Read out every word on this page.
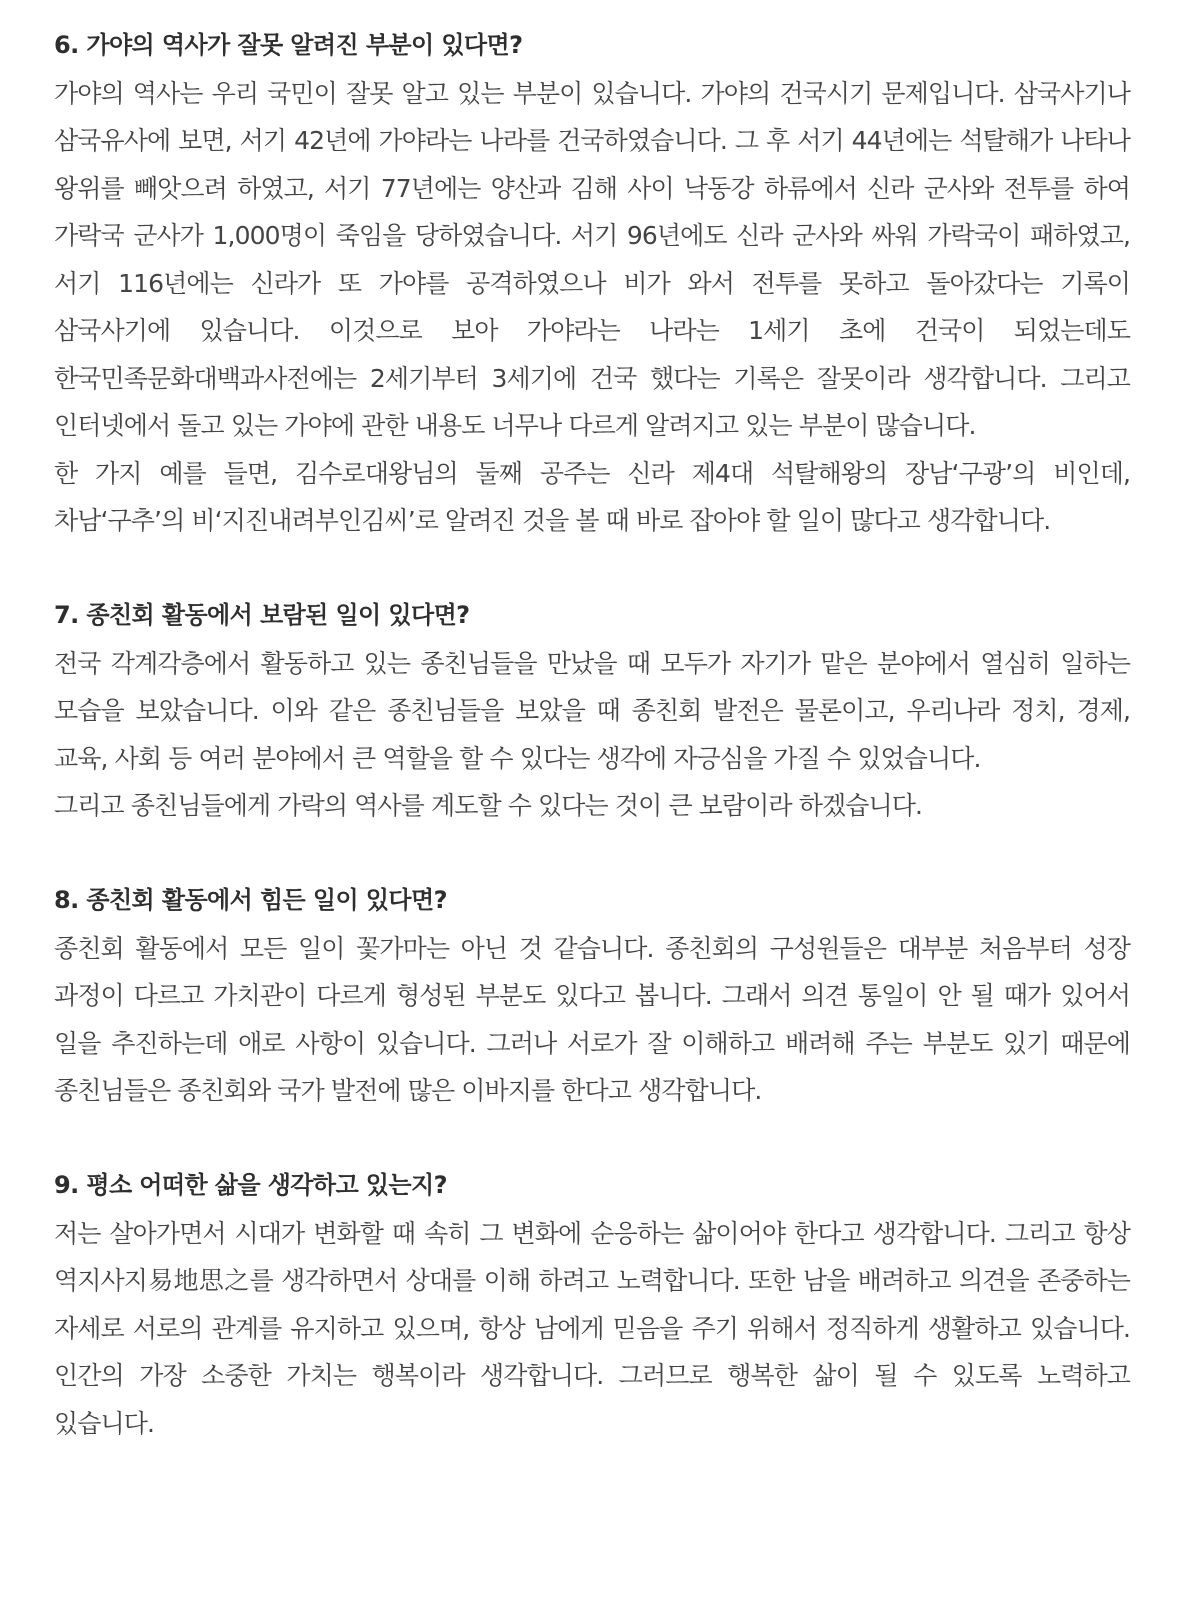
6. 가야의 역사가 잘못 알려진 부분이 있다면?

가야의 역사는 우리 국민이 잘못 알고 있는 부분이 있습니다. 가야의 건국시기 문제입니다. 삼국사기나 삼국유사에 보면, 서기 42년에 가야라는 나라를 건국하였습니다. 그 후 서기 44년에는 석탈해가 나타나 왕위를 빼앗으려 하였고, 서기 77년에는 양산과 김해 사이 낙동강 하류에서 신라 군사와 전투를 하여 가락국 군사가 1,000명이 죽임을 당하였습니다. 서기 96년에도 신라 군사와 싸워 가락국이 패하였고, 서기 116년에는 신라가 또 가야를 공격하였으나 비가 와서 전투를 못하고 돌아갔다는 기록이 삼국사기에 있습니다. 이것으로 보아 가야라는 나라는 1세기 초에 건국이 되었는데도 한국민족문화대백과사전에는 2세기부터 3세기에 건국 했다는 기록은 잘못이라 생각합니다. 그리고 인터넷에서 돌고 있는 가야에 관한 내용도 너무나 다르게 알려지고 있는 부분이 많습니다.

한 가지 예를 들면, 김수로대왕님의 둘째 공주는 신라 제4대 석탈해왕의 장남‘구광’의 비인데, 차남‘구추’의 비‘지진내려부인김씨’로 알려진 것을 볼 때 바로 잡아야 할 일이 많다고 생각합니다.

7. 종친회 활동에서 보람된 일이 있다면?

전국 각계각층에서 활동하고 있는 종친님들을 만났을 때 모두가 자기가 맡은 분야에서 열심히 일하는 모습을 보았습니다. 이와 같은 종친님들을 보았을 때 종친회 발전은 물론이고, 우리나라 정치, 경제, 교육, 사회 등 여러 분야에서 큰 역할을 할 수 있다는 생각에 자긍심을 가질 수 있었습니다.

그리고 종친님들에게 가락의 역사를 계도할 수 있다는 것이 큰 보람이라 하겠습니다.

8. 종친회 활동에서 힘든 일이 있다면?

종친회 활동에서 모든 일이 꽃가마는 아닌 것 같습니다. 종친회의 구성원들은 대부분 처음부터 성장 과정이 다르고 가치관이 다르게 형성된 부분도 있다고 봅니다. 그래서 의견 통일이 안 될 때가 있어서 일을 추진하는데 애로 사항이 있습니다. 그러나 서로가 잘 이해하고 배려해 주는 부분도 있기 때문에 종친님들은 종친회와 국가 발전에 많은 이바지를 한다고 생각합니다.

9. 평소 어떠한 삶을 생각하고 있는지?

저는 살아가면서 시대가 변화할 때 속히 그 변화에 순응하는 삶이어야 한다고 생각합니다. 그리고 항상 역지사지易地思之를 생각하면서 상대를 이해 하려고 노력합니다. 또한 남을 배려하고 의견을 존중하는 자세로 서로의 관계를 유지하고 있으며, 항상 남에게 믿음을 주기 위해서 정직하게 생활하고 있습니다. 인간의 가장 소중한 가치는 행복이라 생각합니다. 그러므로 행복한 삶이 될 수 있도록 노력하고 있습니다.
